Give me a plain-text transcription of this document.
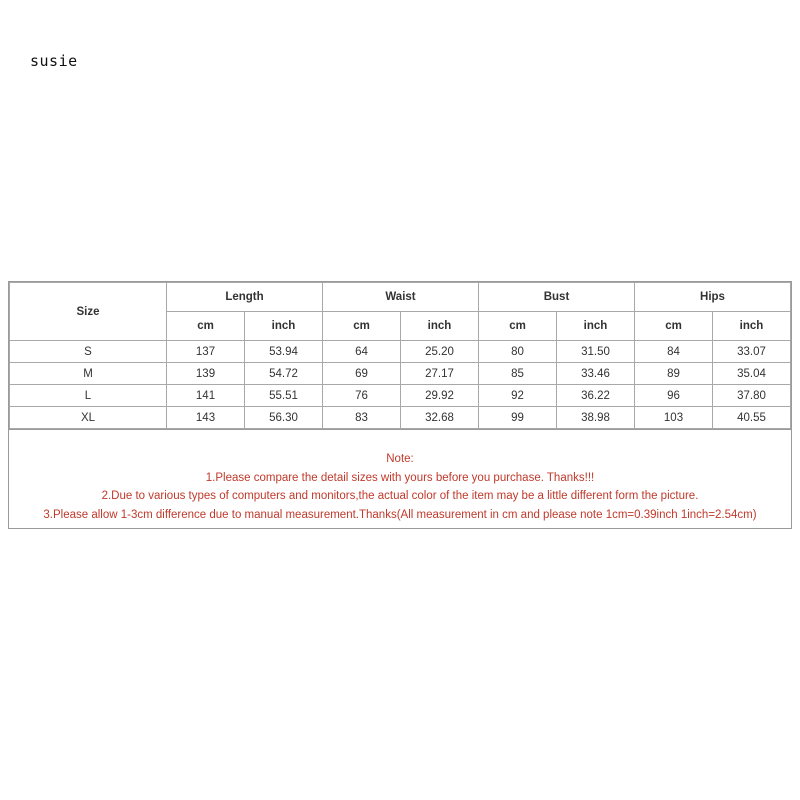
susie
Size	Length		Waist		Bust		Hips	
	cm	inch	cm	inch	cm	inch	cm	inch
S	137	53.94	64	25.20	80	31.50	84	33.07
M	139	54.72	69	27.17	85	33.46	89	35.04
L	141	55.51	76	29.92	92	36.22	96	37.80
XL	143	56.30	83	32.68	99	38.98	103	40.55
Note:
1.Please compare the detail sizes with yours before you purchase. Thanks!!!
2.Due to various types of computers and monitors,the actual color of the item may be a little different form the picture.
3.Please allow 1-3cm difference due to manual measurement.Thanks(All measurement in cm and please note 1cm=0.39inch 1inch=2.54cm)
